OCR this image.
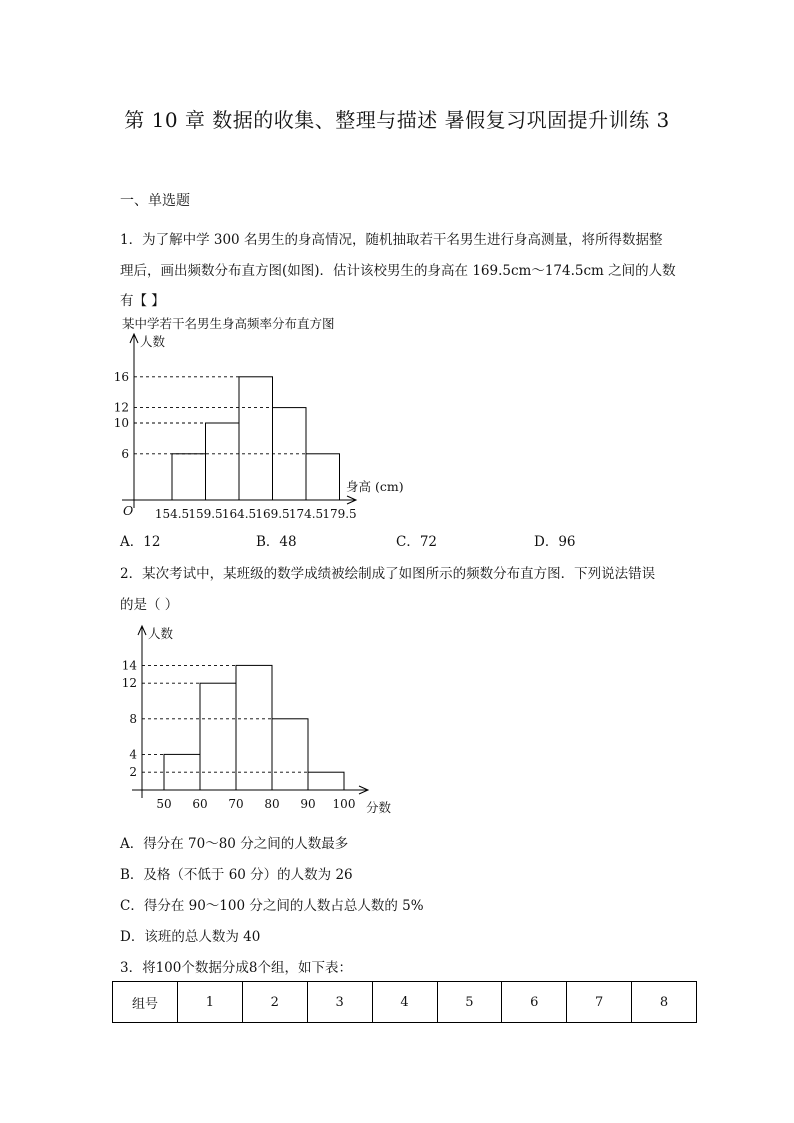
第 10 章 数据的收集、整理与描述 暑假复习巩固提升训练 3
一、单选题
1．为了解中学 300 名男生的身高情况，随机抽取若干名男生进行身高测量，将所得数据整
理后，画出频数分布直方图(如图)．估计该校男生的身高在 169.5cm～174.5cm 之间的人数
有【 】
某中学若干名男生身高频率分布直方图
16
12
10
6
人数
身高 (cm)
O 154.5 159.5 164.5 169.5 174.5 179.5
A．12	B．48	C．72	D．96
2．某次考试中，某班级的数学成绩被绘制成了如图所示的频数分布直方图．下列说法错误
的是（ ）
14
12
8
4
2
人数
分数
50 60 70 80 90 100
A．得分在 70～80 分之间的人数最多
B．及格（不低于 60 分）的人数为 26
C．得分在 90～100 分之间的人数占总人数的 5%
D．该班的总人数为 40
3．将100个数据分成8个组，如下表：
组号	1	2	3	4	5	6	7	8
